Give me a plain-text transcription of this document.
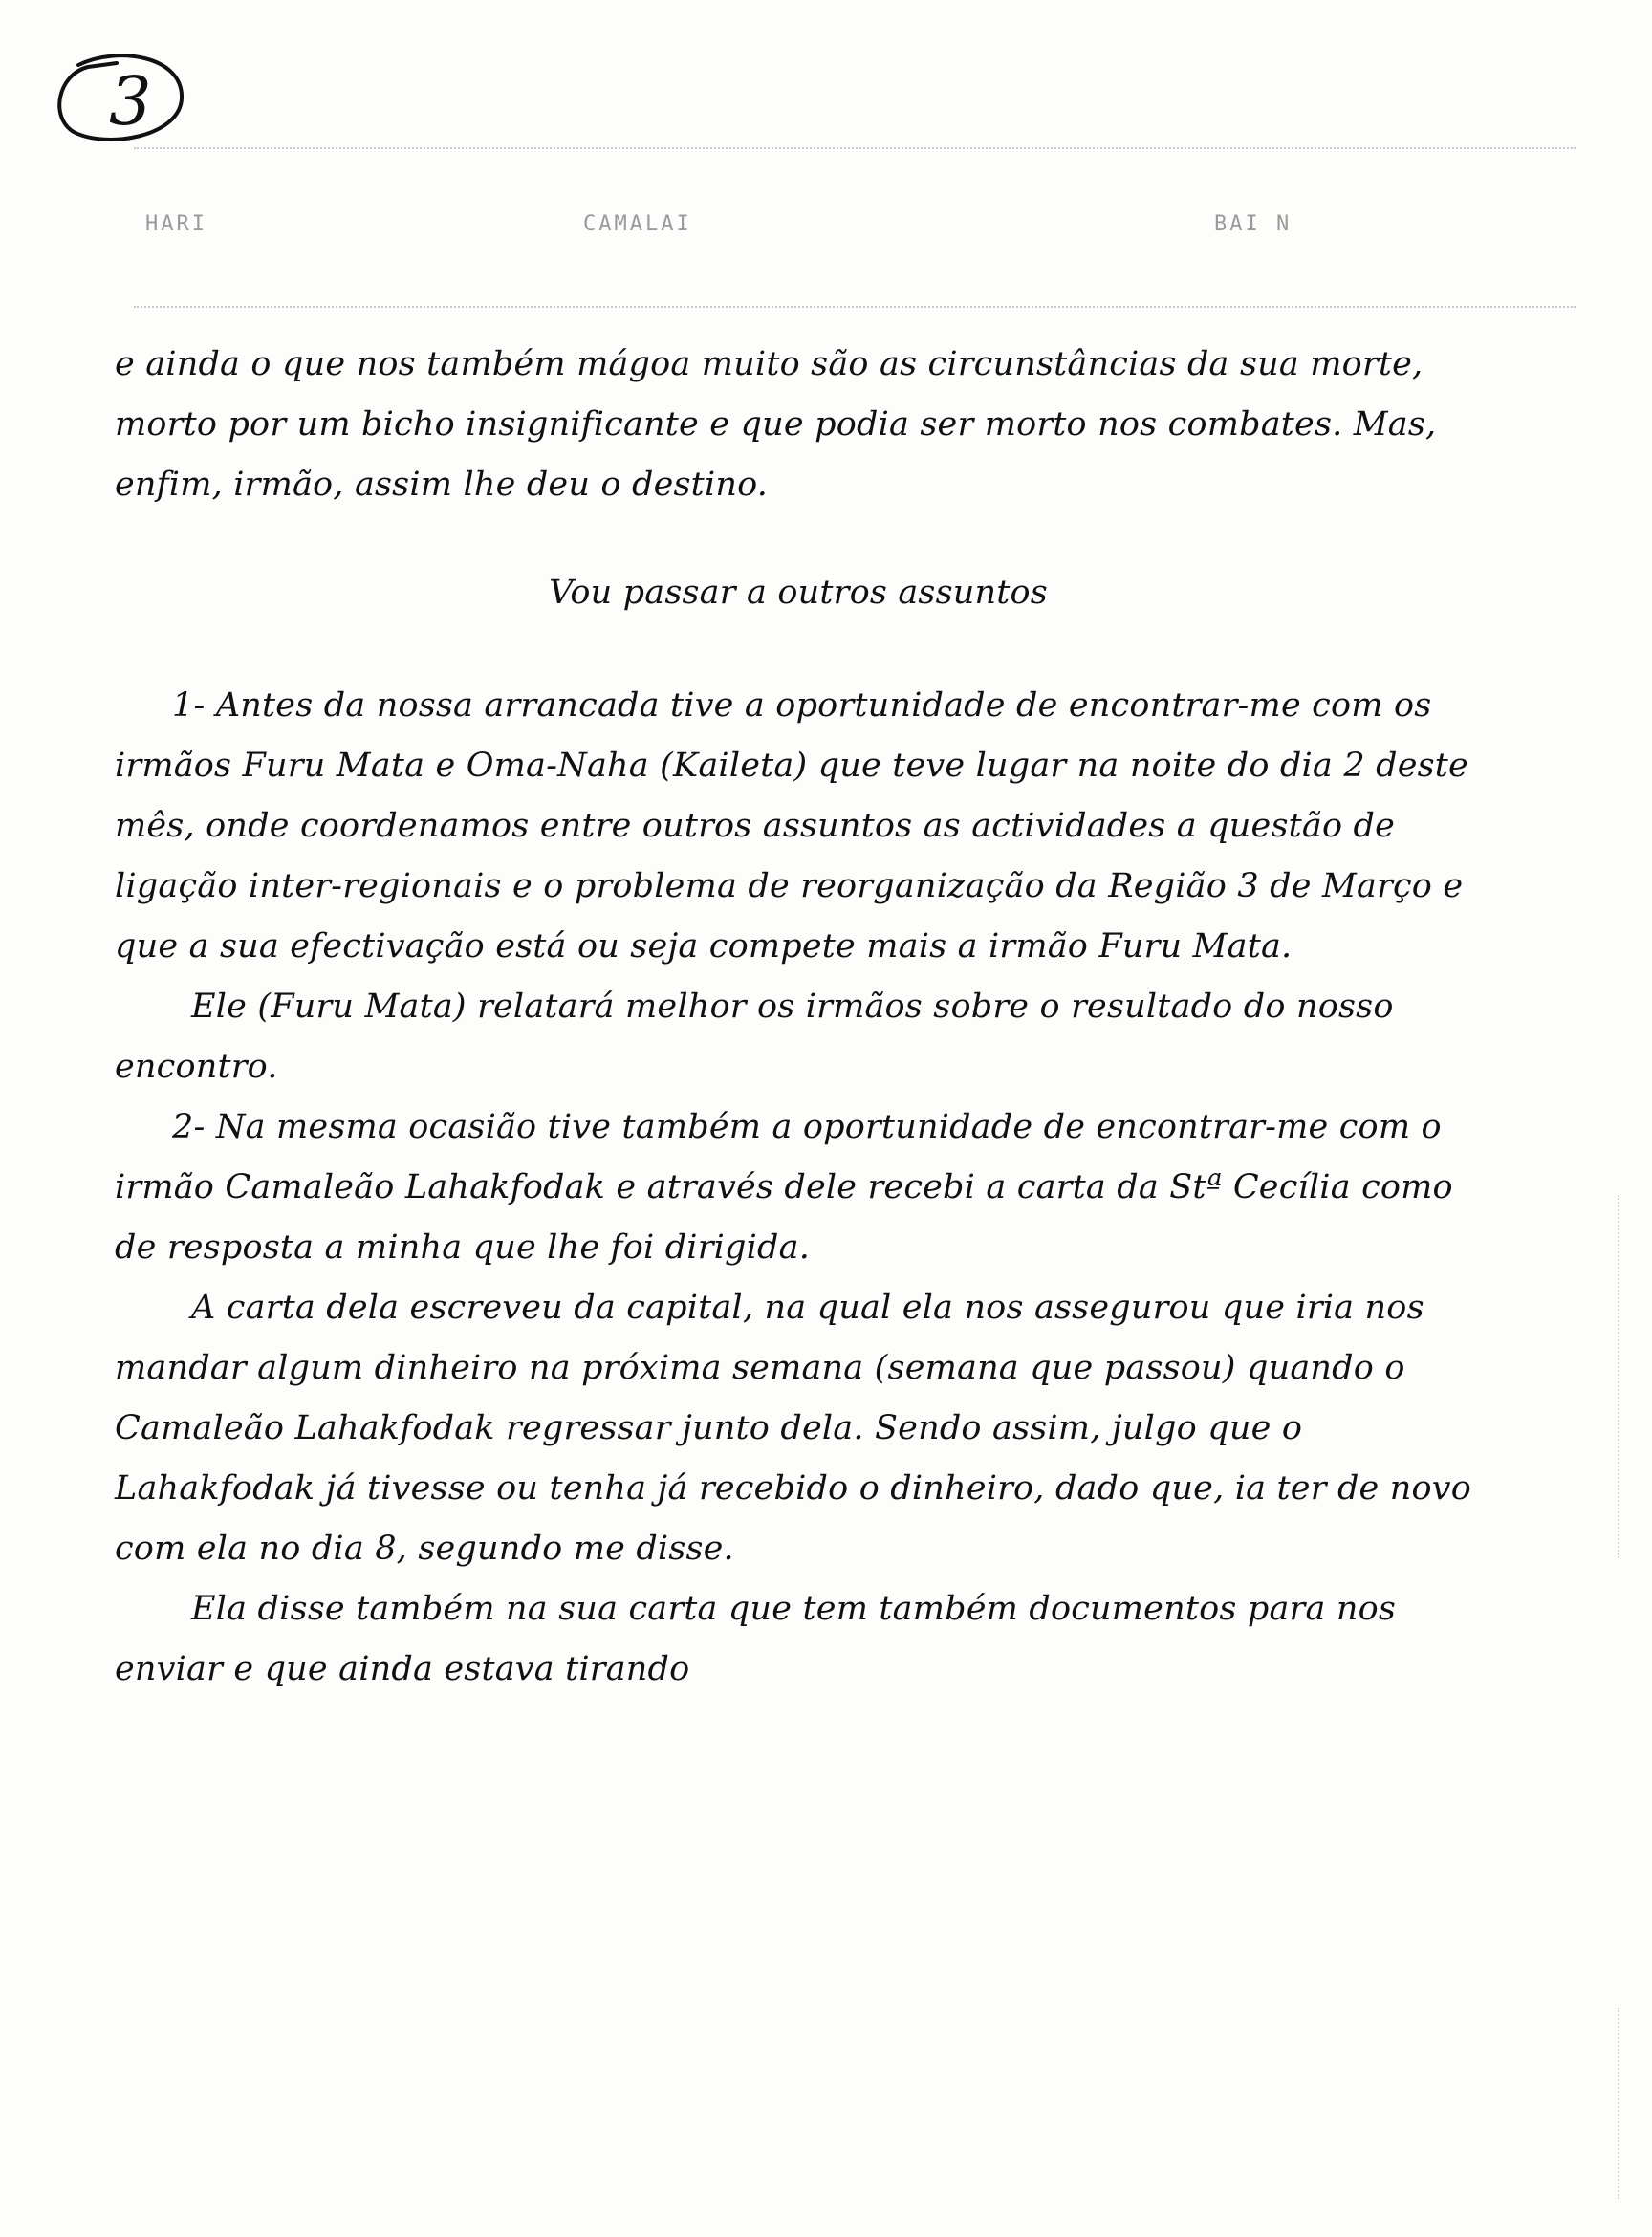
3
HARI	CAMALAI	BAI N

e ainda o que nos também mágoa muito são as circunstâncias da sua morte, morto por um bicho insignificante e que podia ser morto nos combates. Mas, enfim, irmão, assim lhe deu o destino.

Vou passar a outros assuntos

1- Antes da nossa arrancada tive a oportunidade de encontrar-me com os irmãos Furu Mata e Oma-Naha (Kaileta) que teve lugar na noite do dia 2 deste mês, onde coordenamos entre outros assuntos as actividades a questão de ligação inter-regionais e o problema de reorganização da Região 3 de Março e que a sua efectivação está ou seja compete mais a irmão Furu Mata.

Ele (Furu Mata) relatará melhor os irmãos sobre o resultado do nosso encontro.

2- Na mesma ocasião tive também a oportunidade de encontrar-me com o irmão Camaleão Lahakfodak e através dele recebi a carta da Stª Cecília como de resposta a minha que lhe foi dirigida.

A carta dela escreveu da capital, na qual ela nos assegurou que iria nos mandar algum dinheiro na próxima semana (semana que passou) quando o Camaleão Lahakfodak regressar junto dela. Sendo assim, julgo que o Lahakfodak já tivesse ou tenha já recebido o dinheiro, dado que, ia ter de novo com ela no dia 8, segundo me disse.

Ela disse também na sua carta que tem também documentos para nos enviar e que ainda estava tirando
